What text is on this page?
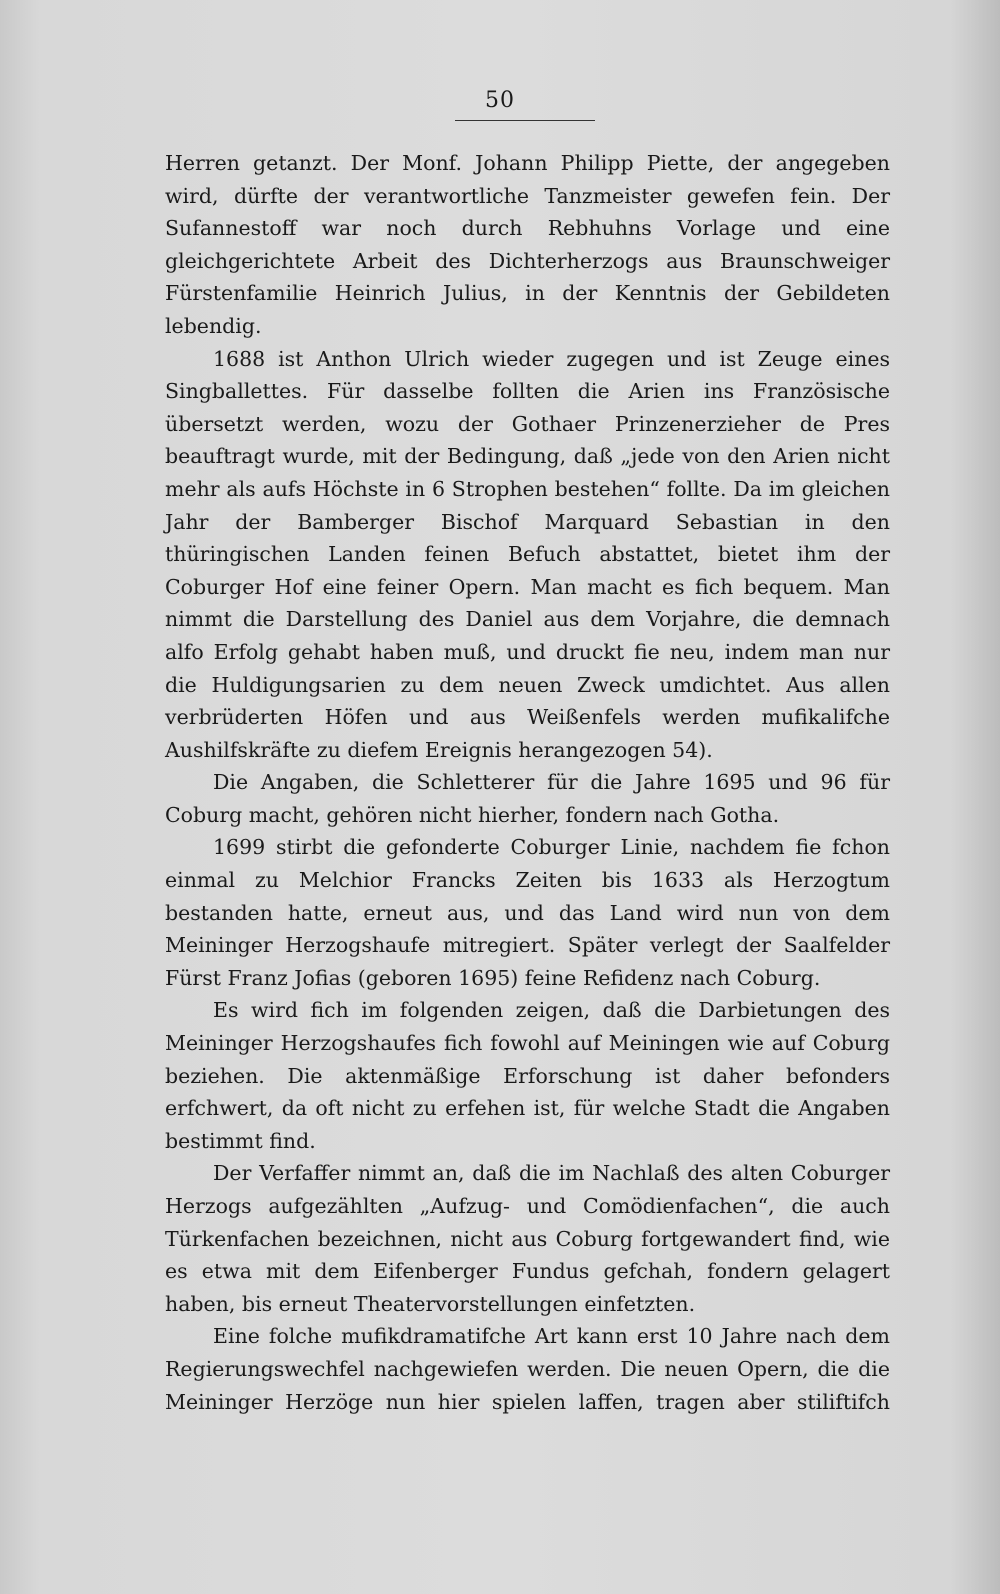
50

Herren getanzt. Der Monf. Johann Philipp Piette, der angegeben wird, dürfte der verantwortliche Tanzmeister gewefen fein. Der Sufannestoff war noch durch Rebhuhns Vorlage und eine gleichgerichtete Arbeit des Dichterherzogs aus Braunschweiger Fürstenfamilie Heinrich Julius, in der Kenntnis der Gebildeten lebendig.

1688 ist Anthon Ulrich wieder zugegen und ist Zeuge eines Singballettes. Für dasselbe follten die Arien ins Französische übersetzt werden, wozu der Gothaer Prinzenerzieher de Pres beauftragt wurde, mit der Bedingung, daß „jede von den Arien nicht mehr als aufs Höchste in 6 Strophen bestehen“ follte. Da im gleichen Jahr der Bamberger Bischof Marquard Sebastian in den thüringischen Landen feinen Befuch abstattet, bietet ihm der Coburger Hof eine feiner Opern. Man macht es fich bequem. Man nimmt die Darstellung des Daniel aus dem Vorjahre, die demnach alfo Erfolg gehabt haben muß, und druckt fie neu, indem man nur die Huldigungsarien zu dem neuen Zweck umdichtet. Aus allen verbrüderten Höfen und aus Weißenfels werden mufikalifche Aushilfskräfte zu diefem Ereignis herangezogen 54).

Die Angaben, die Schletterer für die Jahre 1695 und 96 für Coburg macht, gehören nicht hierher, fondern nach Gotha.

1699 stirbt die gefonderte Coburger Linie, nachdem fie fchon einmal zu Melchior Francks Zeiten bis 1633 als Herzogtum bestanden hatte, erneut aus, und das Land wird nun von dem Meininger Herzogshaufe mitregiert. Später verlegt der Saalfelder Fürst Franz Jofias (geboren 1695) feine Refidenz nach Coburg.

Es wird fich im folgenden zeigen, daß die Darbietungen des Meininger Herzogshaufes fich fowohl auf Meiningen wie auf Coburg beziehen. Die aktenmäßige Erforschung ist daher befonders erfchwert, da oft nicht zu erfehen ist, für welche Stadt die Angaben bestimmt find.

Der Verfaffer nimmt an, daß die im Nachlaß des alten Coburger Herzogs aufgezählten „Aufzug- und Comödienfachen“, die auch Türkenfachen bezeichnen, nicht aus Coburg fortgewandert find, wie es etwa mit dem Eifenberger Fundus gefchah, fondern gelagert haben, bis erneut Theatervorstellungen einfetzten.

Eine folche mufikdramatifche Art kann erst 10 Jahre nach dem Regierungswechfel nachgewiefen werden. Die neuen Opern, die die Meininger Herzöge nun hier spielen laffen, tragen aber stiliftifch
